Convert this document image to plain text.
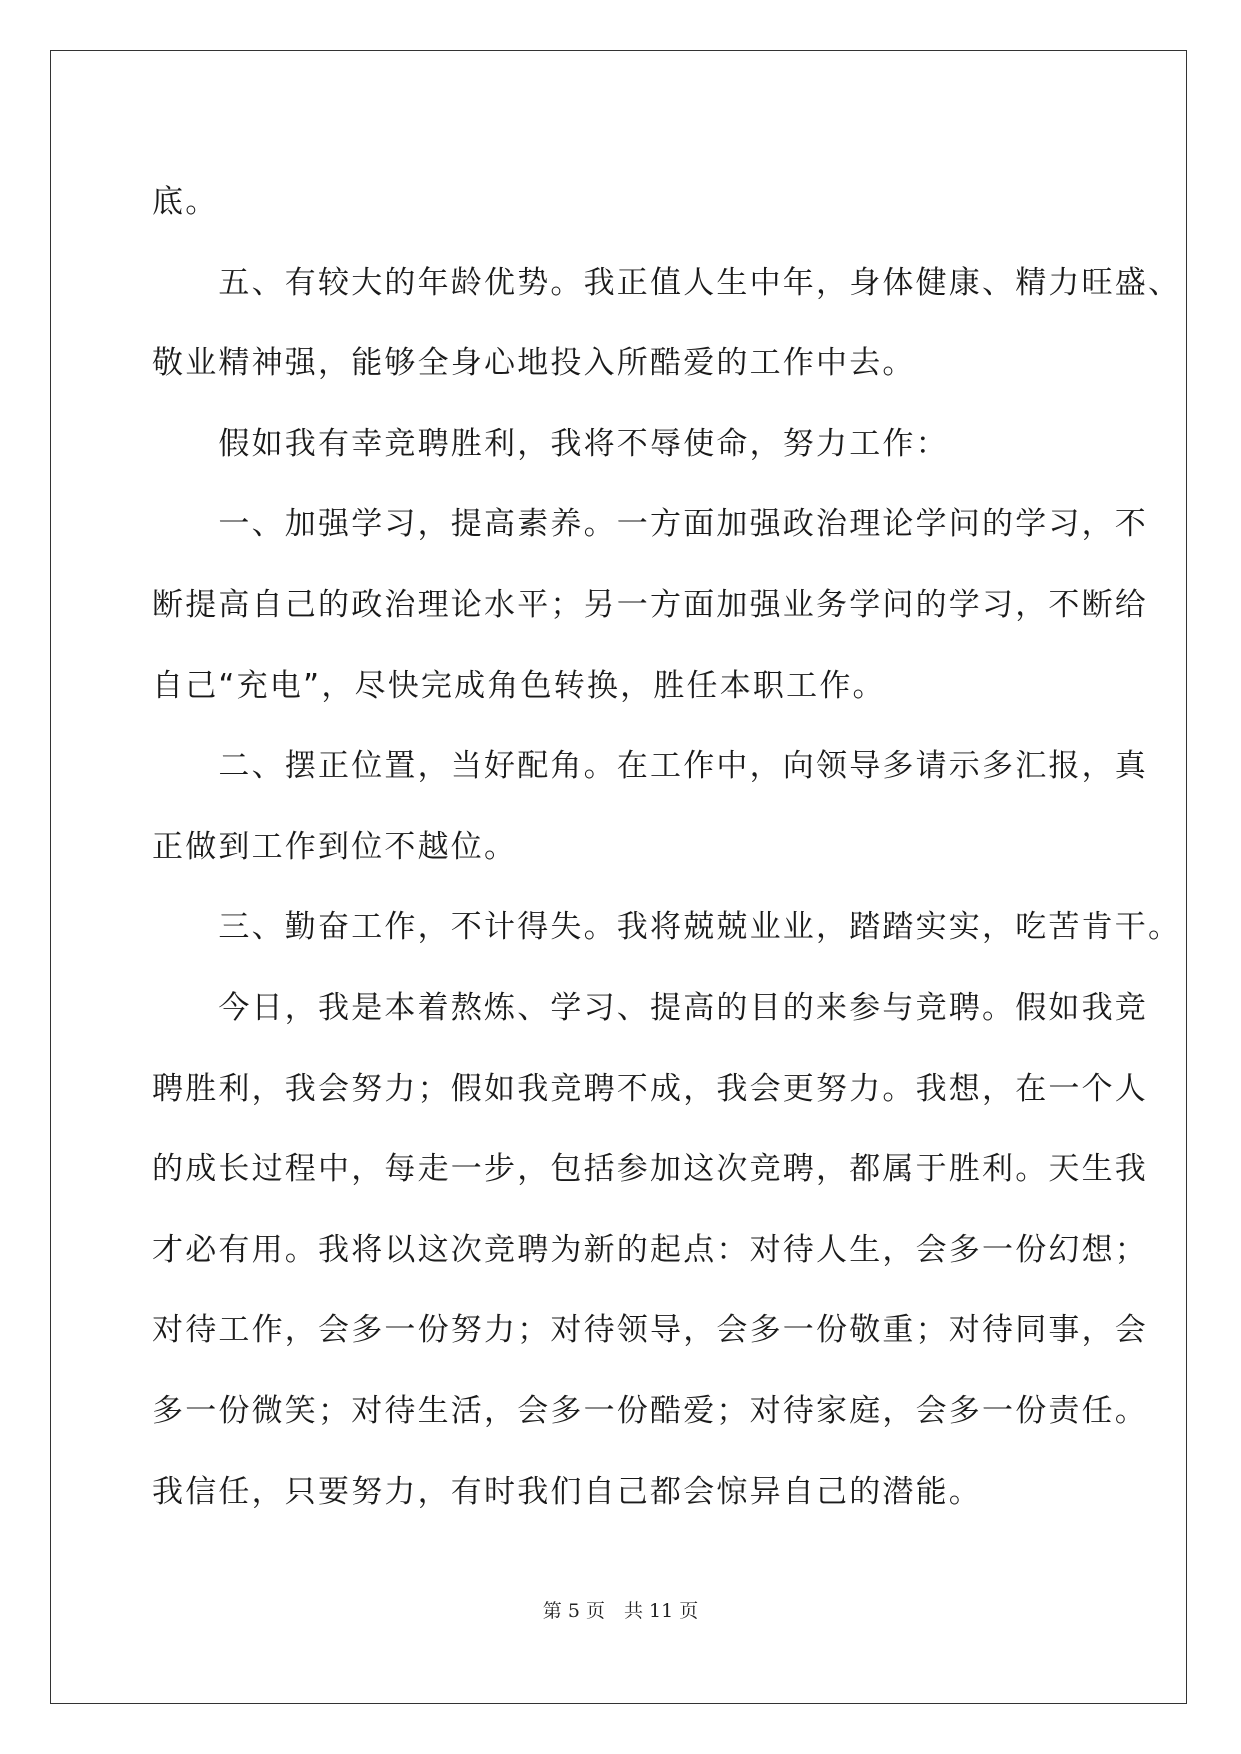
底。
　　五、有较大的年龄优势。我正值人生中年，身体健康、精力旺盛、
敬业精神强，能够全身心地投入所酷爱的工作中去。
　　假如我有幸竞聘胜利，我将不辱使命，努力工作：
　　一、加强学习，提高素养。一方面加强政治理论学问的学习，不
断提高自己的政治理论水平；另一方面加强业务学问的学习，不断给
自己“充电”，尽快完成角色转换，胜任本职工作。
　　二、摆正位置，当好配角。在工作中，向领导多请示多汇报，真
正做到工作到位不越位。
　　三、勤奋工作，不计得失。我将兢兢业业，踏踏实实，吃苦肯干。
　　今日，我是本着熬炼、学习、提高的目的来参与竞聘。假如我竞
聘胜利，我会努力；假如我竞聘不成，我会更努力。我想，在一个人
的成长过程中，每走一步，包括参加这次竞聘，都属于胜利。天生我
才必有用。我将以这次竞聘为新的起点：对待人生，会多一份幻想；
对待工作，会多一份努力；对待领导，会多一份敬重；对待同事，会
多一份微笑；对待生活，会多一份酷爱；对待家庭，会多一份责任。
我信任，只要努力，有时我们自己都会惊异自己的潜能。
第 5 页　共 11 页
